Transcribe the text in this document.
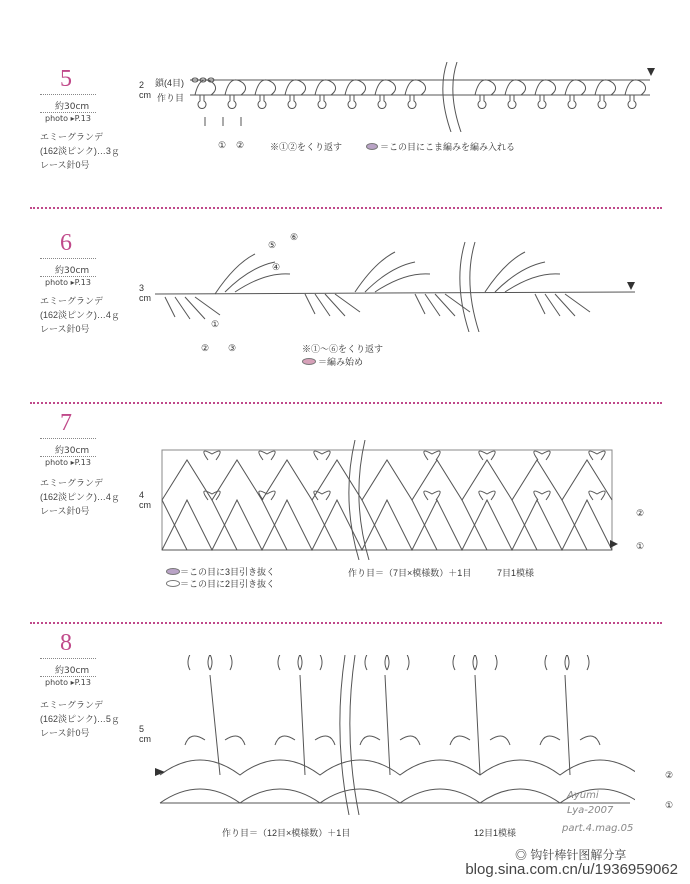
5
約30cm
photo ▸P.13
エミーグランデ
(162淡ピンク)…3ｇ
レース針0号
2
cm
鎖(4目)
作り目
① ②	※①②をくり返す	＝この目にこま編みを編み入れる
6
約30cm
photo ▸P.13
エミーグランデ
(162淡ピンク)…4ｇ
レース針0号
3
cm
⑤
⑥
④
①
② ③	※①～⑥をくり返す
＝編み始め
7
約30cm
photo ▸P.13
エミーグランデ
(162淡ピンク)…4ｇ
レース針0号
4
cm
②
①
＝この目に3目引き抜く
＝この目に2目引き抜く
作り目＝（7目×模様数）＋1目	7目1模様
8
約30cm
photo ▸P.13
エミーグランデ
(162淡ピンク)…5ｇ
レース針0号	5
cm
②
①
作り目＝（12目×模様数）＋1目	12目1模様
Ayumi
Lya-2007
part.4.mag.05
◎ 钩针棒针图解分享
blog.sina.com.cn/u/1936959062
